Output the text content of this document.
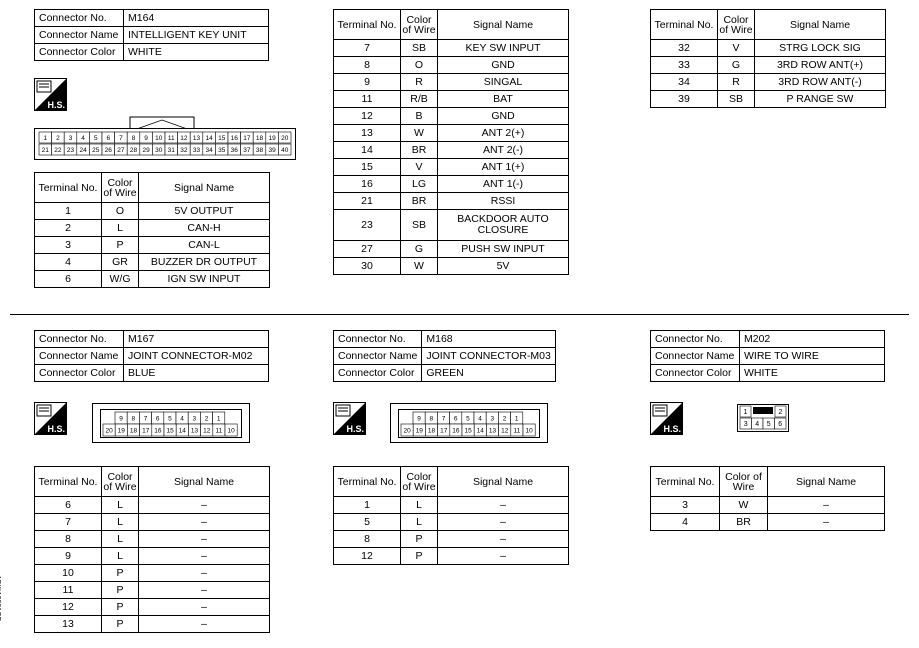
Connector No.	M164
Connector Name	INTELLIGENT KEY UNIT
Connector Color	WHITE
H.S.
1 2 3 4 5 6 7 8 9 10 11 12 13 14 15 16 17 18 19 20
21 22 23 24 25 26 27 28 29 30 31 32 33 34 35 36 37 38 39 40
Terminal No.	Color of Wire	Signal Name
1	O	5V OUTPUT
2	L	CAN-H
3	P	CAN-L
4	GR	BUZZER DR OUTPUT
6	W/G	IGN SW INPUT
Terminal No.	Color of Wire	Signal Name
7	SB	KEY SW INPUT
8	O	GND
9	R	SINGAL
11	R/B	BAT
12	B	GND
13	W	ANT 2(+)
14	BR	ANT 2(-)
15	V	ANT 1(+)
16	LG	ANT 1(-)
21	BR	RSSI
23	SB	BACKDOOR AUTO CLOSURE
27	G	PUSH SW INPUT
30	W	5V
Terminal No.	Color of Wire	Signal Name
32	V	STRG LOCK SIG
33	G	3RD ROW ANT(+)
34	R	3RD ROW ANT(-)
39	SB	P RANGE SW
Connector No.	M167
Connector Name	JOINT CONNECTOR-M02
Connector Color	BLUE
H.S.
9 8 7 6 5 4 3 2 1
20 19 18 17 16 15 14 13 12 11 10
Terminal No.	Color of Wire	Signal Name
6	L	–
7	L	–
8	L	–
9	L	–
10	P	–
11	P	–
12	P	–
13	P	–
Connector No.	M168
Connector Name	JOINT CONNECTOR-M03
Connector Color	GREEN
H.S.
9 8 7 6 5 4 3 2 1
20 19 18 17 16 15 14 13 12 11 10
Terminal No.	Color of Wire	Signal Name
1	L	–
5	L	–
8	P	–
12	P	–
Connector No.	M202
Connector Name	WIRE TO WIRE
Connector Color	WHITE
H.S.
1	2
3 4 5 6
Terminal No.	Color of Wire	Signal Name
3	W	–
4	BR	–
